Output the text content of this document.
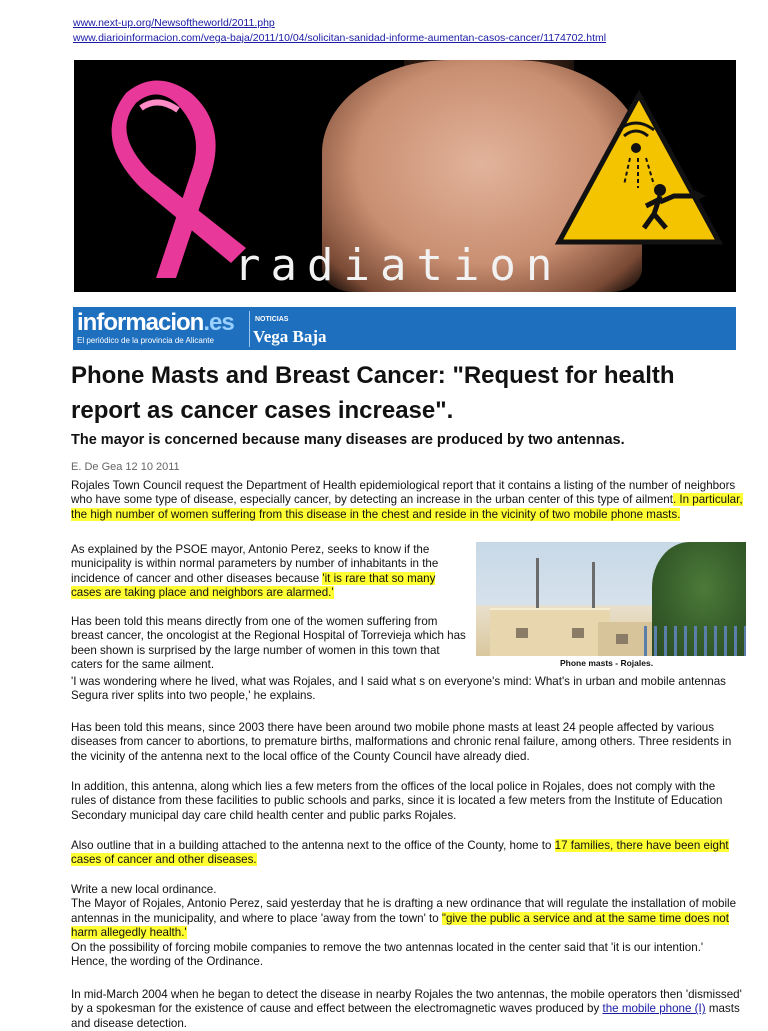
www.next-up.org/Newsoftheworld/2011.php
www.diarioinformacion.com/vega-baja/2011/10/04/solicitan-sanidad-informe-aumentan-casos-cancer/1174702.html
radiation
informacion.es
El periódico de la provincia de Alicante
NOTICIAS
Vega Baja
Phone Masts and Breast Cancer: "Request for health report as cancer cases increase".
The mayor is concerned because many diseases are produced by two antennas.
E. De Gea 12 10 2011
Rojales Town Council request the Department of Health epidemiological report that it contains a listing of the number of neighbors who have some type of disease, especially cancer, by detecting an increase in the urban center of this type of ailment. In particular, the high number of women suffering from this disease in the chest and reside in the vicinity of two mobile phone masts.
As explained by the PSOE mayor, Antonio Perez, seeks to know if the municipality is within normal parameters by number of inhabitants in the incidence of cancer and other diseases because 'it is rare that so many cases are taking place and neighbors are alarmed.'
Phone masts - Rojales.
Has been told this means directly from one of the women suffering from breast cancer, the oncologist at the Regional Hospital of Torrevieja which has been shown is surprised by the large number of women in this town that caters for the same ailment.
'I was wondering where he lived, what was Rojales, and I said what s on everyone's mind: What's in urban and mobile antennas Segura river splits into two people,' he explains.
Has been told this means, since 2003 there have been around two mobile phone masts at least 24 people affected by various diseases from cancer to abortions, to premature births, malformations and chronic renal failure, among others. Three residents in the vicinity of the antenna next to the local office of the County Council have already died.
In addition, this antenna, along which lies a few meters from the offices of the local police in Rojales, does not comply with the rules of distance from these facilities to public schools and parks, since it is located a few meters from the Institute of Education Secondary municipal day care child health center and public parks Rojales.
Also outline that in a building attached to the antenna next to the office of the County, home to 17 families, there have been eight cases of cancer and other diseases.
Write a new local ordinance.
The Mayor of Rojales, Antonio Perez, said yesterday that he is drafting a new ordinance that will regulate the installation of mobile antennas in the municipality, and where to place 'away from the town' to "give the public a service and at the same time does not harm allegedly health.'
On the possibility of forcing mobile companies to remove the two antennas located in the center said that 'it is our intention.' Hence, the wording of the Ordinance.
In mid-March 2004 when he began to detect the disease in nearby Rojales the two antennas, the mobile operators then 'dismissed' by a spokesman for the existence of cause and effect between the electromagnetic waves produced by the mobile phone (I) masts and disease detection.
